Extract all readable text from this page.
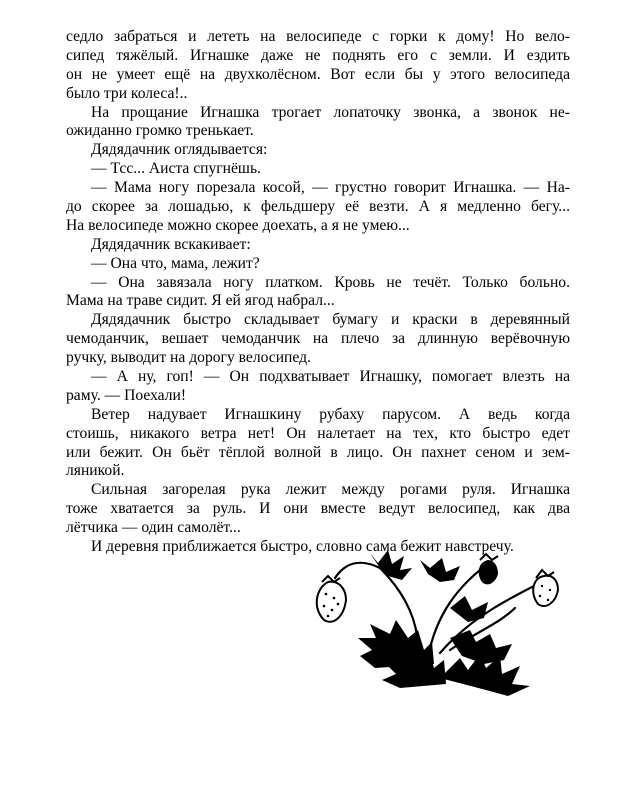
седло забраться и лететь на велосипеде с горки к дому! Но вело-
сипед тяжёлый. Игнашке даже не поднять его с земли. И ездить
он не умеет ещё на двухколёсном. Вот если бы у этого велосипеда
было три колеса!..
На прощание Игнашка трогает лопаточку звонка, а звонок не-
ожиданно громко тренькает.
Дядядачник оглядывается:
— Тсс... Аиста спугнёшь.
— Мама ногу порезала косой, — грустно говорит Игнашка. — На-
до скорее за лошадью, к фельдшеру её везти. А я медленно бегу...
На велосипеде можно скорее доехать, а я не умею...
Дядядачник вскакивает:
— Она что, мама, лежит?
— Она завязала ногу платком. Кровь не течёт. Только больно.
Мама на траве сидит. Я ей ягод набрал...
Дядядачник быстро складывает бумагу и краски в деревянный
чемоданчик, вешает чемоданчик на плечо за длинную верёвочную
ручку, выводит на дорогу велосипед.
— А ну, гоп! — Он подхватывает Игнашку, помогает влезть на
раму. — Поехали!
Ветер надувает Игнашкину рубаху парусом. А ведь когда
стоишь, никакого ветра нет! Он налетает на тех, кто быстро едет
или бежит. Он бьёт тёплой волной в лицо. Он пахнет сеном и зем-
ляникой.
Сильная загорелая рука лежит между рогами руля. Игнашка
тоже хватается за руль. И они вместе ведут велосипед, как два
лётчика — один самолёт...
И деревня приближается быстро, словно сама бежит навстречу.
